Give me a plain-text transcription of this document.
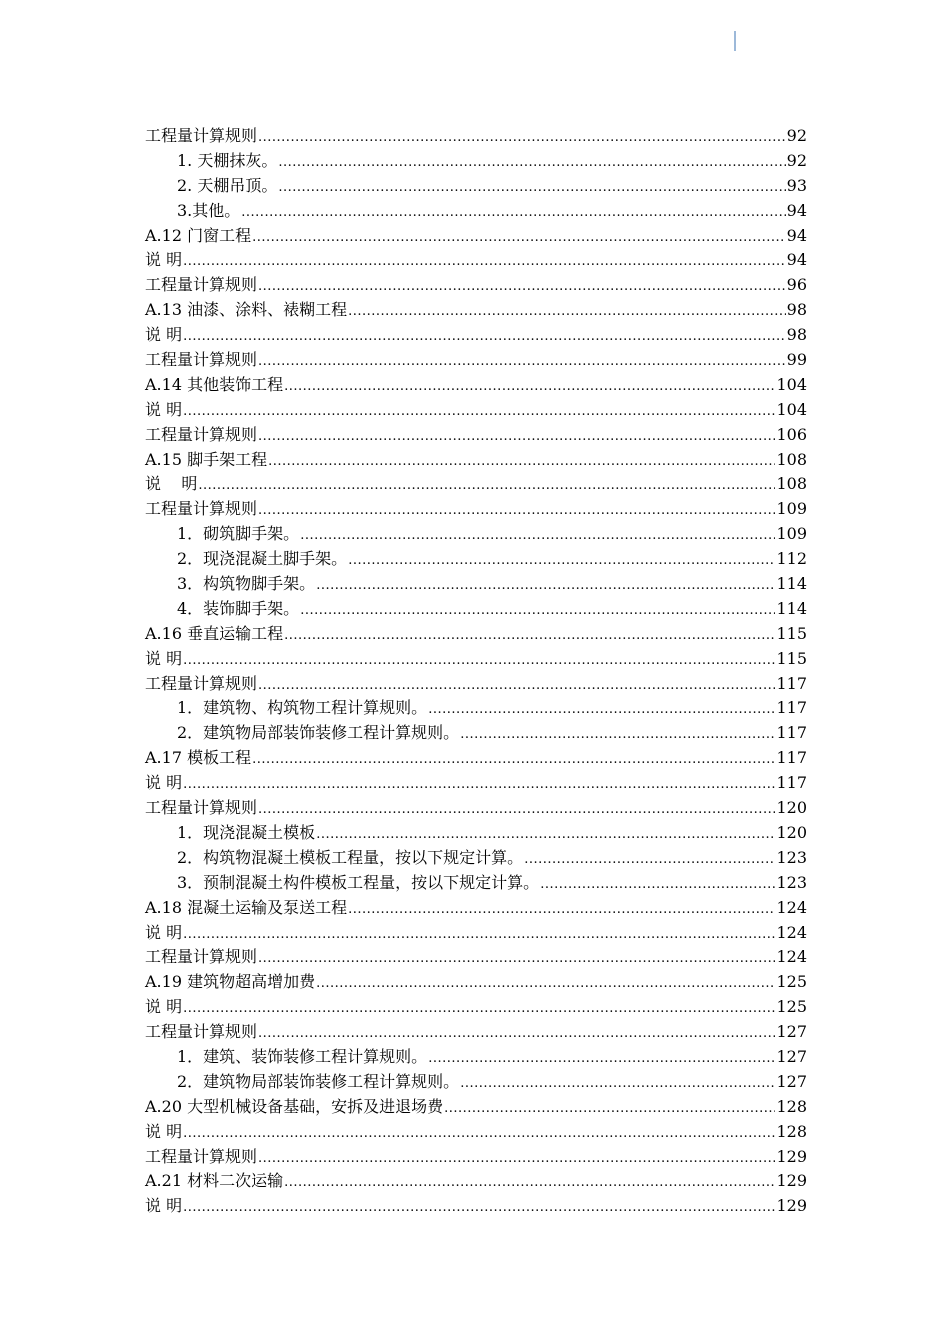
工程量计算规则 .....	92
1. 天棚抹灰。 .....	92
2. 天棚吊顶。 .....	93
3.其他。 .....	94
A.12 门窗工程 .....	94
说 明 .....	94
工程量计算规则 .....	96
A.13 油漆、涂料、裱糊工程 .....	98
说 明 .....	98
工程量计算规则 .....	99
A.14 其他装饰工程 .....	104
说 明 .....	104
工程量计算规则 .....	106
A.15 脚手架工程 .....	108
说    明 .....	108
工程量计算规则 .....	109
1．砌筑脚手架。 .....	109
2．现浇混凝土脚手架。 .....	112
3．构筑物脚手架。 .....	114
4．装饰脚手架。 .....	114
A.16 垂直运输工程 .....	115
说 明 .....	115
工程量计算规则 .....	117
1．建筑物、构筑物工程计算规则。 .....	117
2．建筑物局部装饰装修工程计算规则。 .....	117
A.17 模板工程 .....	117
说 明 .....	117
工程量计算规则 .....	120
1．现浇混凝土模板 .....	120
2．构筑物混凝土模板工程量，按以下规定计算。 .....	123
3．预制混凝土构件模板工程量，按以下规定计算。 .....	123
A.18 混凝土运输及泵送工程 .....	124
说 明 .....	124
工程量计算规则 .....	124
A.19 建筑物超高增加费 .....	125
说 明 .....	125
工程量计算规则 .....	127
1．建筑、装饰装修工程计算规则。 .....	127
2．建筑物局部装饰装修工程计算规则。 .....	127
A.20 大型机械设备基础，安拆及进退场费 .....	128
说 明 .....	128
工程量计算规则 .....	129
A.21 材料二次运输 .....	129
说 明 .....	129
